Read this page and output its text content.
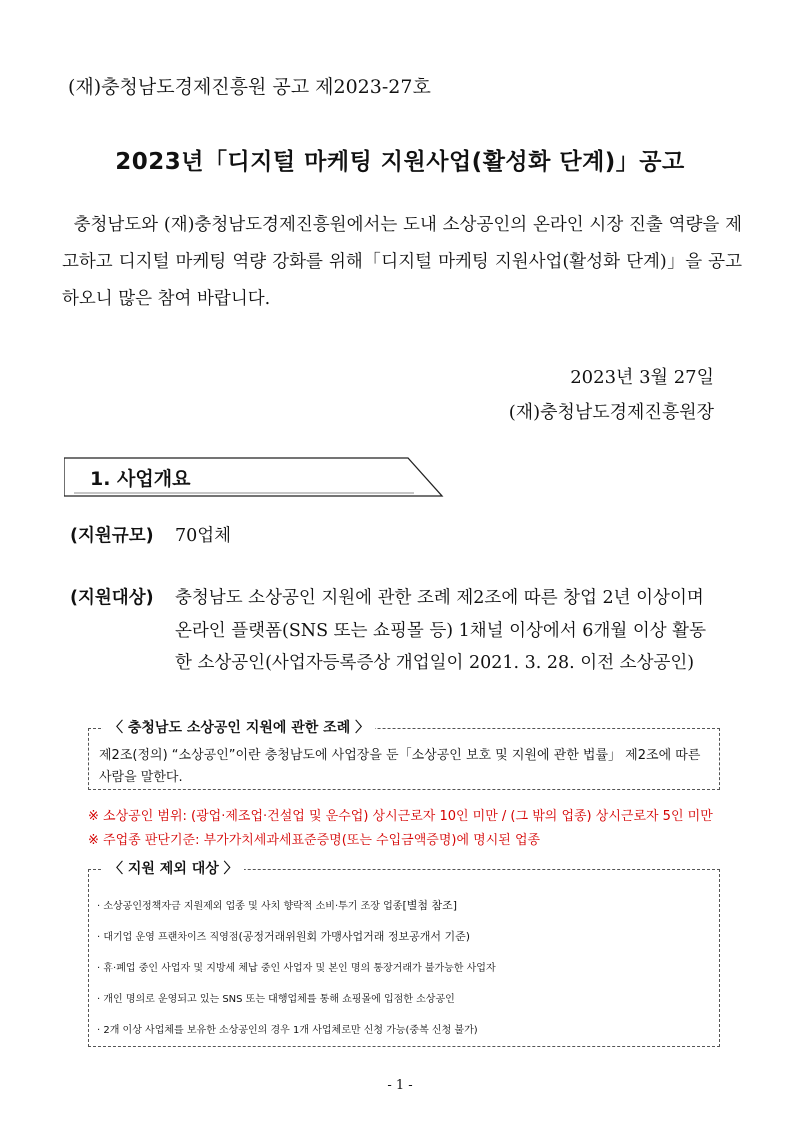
(재)충청남도경제진흥원 공고 제2023-27호
2023년「디지털 마케팅 지원사업(활성화 단계)」공고
충청남도와 (재)충청남도경제진흥원에서는 도내 소상공인의 온라인 시장 진출 역량을 제고하고 디지털 마케팅 역량 강화를 위해「디지털 마케팅 지원사업(활성화 단계)」을 공고하오니 많은 참여 바랍니다.
2023년 3월 27일
(재)충청남도경제진흥원장
1. 사업개요
(지원규모) 70업체
(지원대상) 충청남도 소상공인 지원에 관한 조례 제2조에 따른 창업 2년 이상이며 온라인 플랫폼(SNS 또는 쇼핑몰 등) 1채널 이상에서 6개월 이상 활동한 소상공인(사업자등록증상 개업일이 2021. 3. 28. 이전 소상공인)
〈 충청남도 소상공인 지원에 관한 조례 〉
제2조(정의) “소상공인”이란 충청남도에 사업장을 둔「소상공인 보호 및 지원에 관한 법률」 제2조에 따른 사람을 말한다.
※ 소상공인 범위: (광업·제조업·건설업 및 운수업) 상시근로자 10인 미만 / (그 밖의 업종) 상시근로자 5인 미만
※ 주업종 판단기준: 부가가치세과세표준증명(또는 수입금액증명)에 명시된 업종
〈 지원 제외 대상 〉
· 소상공인정책자금 지원제외 업종 및 사치 향락적 소비·투기 조장 업종[별첨 참조]
· 대기업 운영 프랜차이즈 직영점(공정거래위원회 가맹사업거래 정보공개서 기준)
· 휴·폐업 중인 사업자 및 지방세 체납 중인 사업자 및 본인 명의 통장거래가 불가능한 사업자
· 개인 명의로 운영되고 있는 SNS 또는 대행업체를 통해 쇼핑몰에 입점한 소상공인
· 2개 이상 사업체를 보유한 소상공인의 경우 1개 사업체로만 신청 가능(중복 신청 불가)
- 1 -
